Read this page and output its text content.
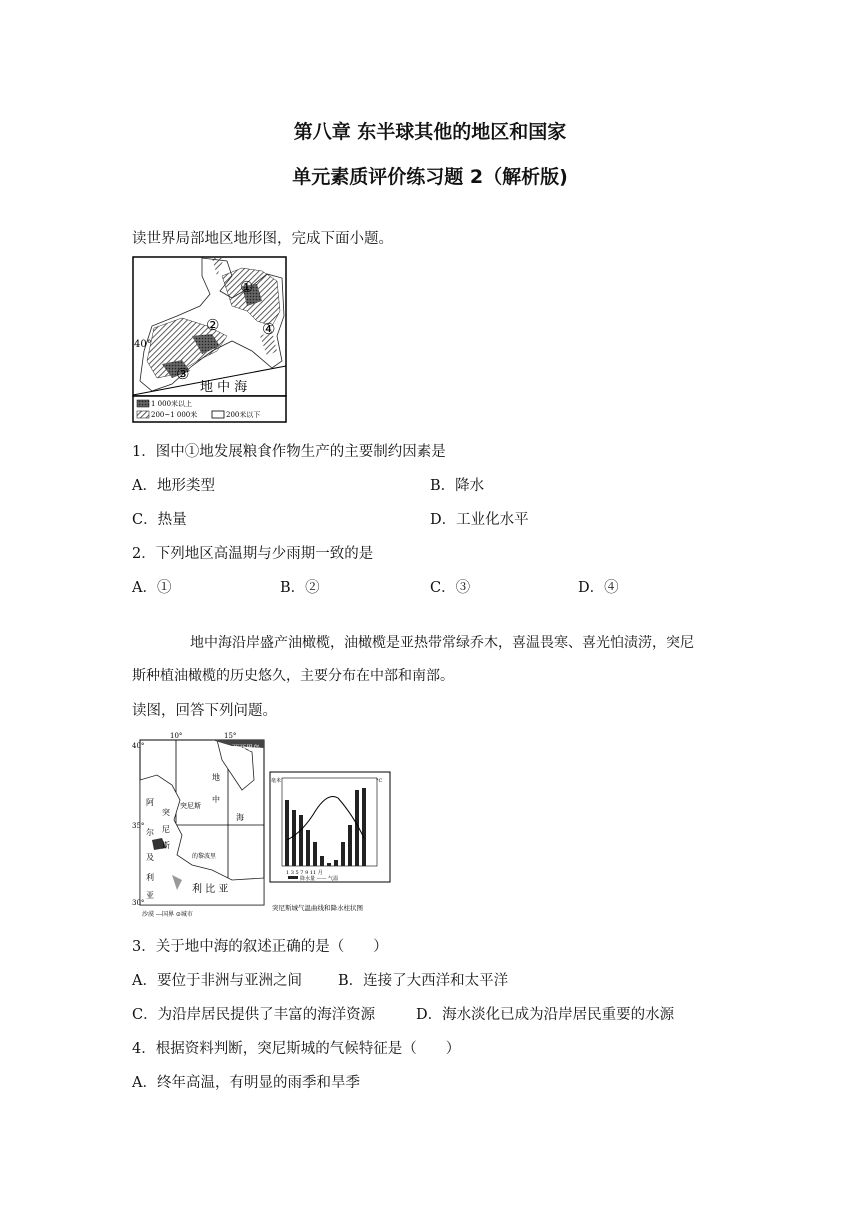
第八章 东半球其他的地区和国家
单元素质评价练习题 2（解析版)
读世界局部地区地形图，完成下面小题。
①
②	④
③
40°
地 中 海
1 000米以上
200~1 000米	200米以下
1．图中①地发展粮食作物生产的主要制约因素是
A．地形类型	B．降水
C．热量	D．工业化水平
2．下列地区高温期与少雨期一致的是
A．①	B．②	C．③	D．④
地中海沿岸盛产油橄榄，油橄榄是亚热带常绿乔木，喜温畏寒、喜光怕渍涝，突尼
斯种植油橄榄的历史悠久，主要分布在中部和南部。
读图，回答下列问题。
10°	15°
40°
35°
30°
西西里岛
突尼斯
地
中
海
阿
突
尔 尼
及
斯
利
亚
利 比 亚
的黎波里
沙漠 ---国界 ⊙城市
毫米	°C
1 3 5 7 9 11 月
降水量 —— 气温
突尼斯城气温曲线和降水柱状图
3．关于地中海的叙述正确的是（　　）
A．要位于非洲与亚洲之间 B．连接了大西洋和太平洋
C．为沿岸居民提供了丰富的海洋资源	D．海水淡化已成为沿岸居民重要的水源
4．根据资料判断，突尼斯城的气候特征是（　　）
A．终年高温，有明显的雨季和旱季
